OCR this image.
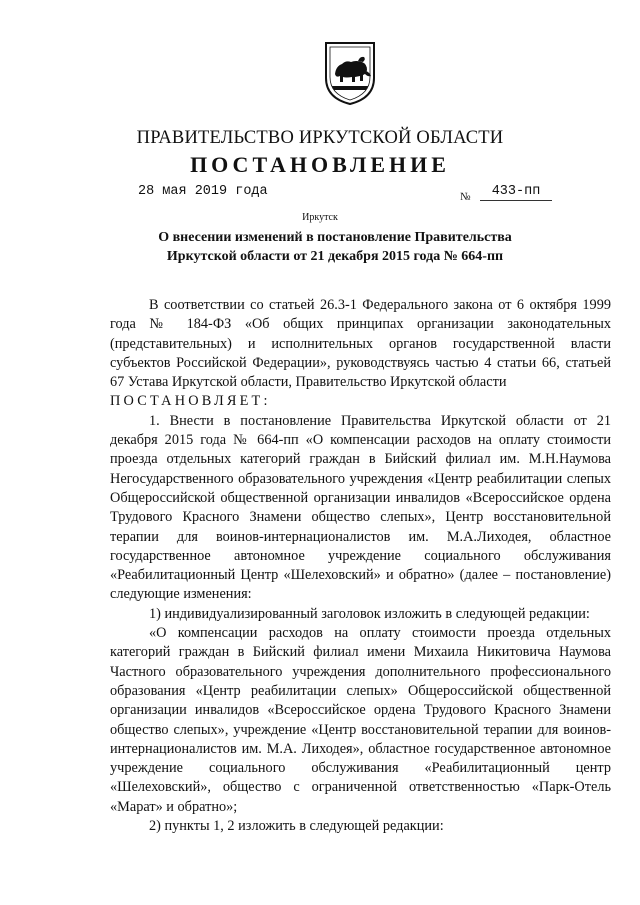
ПРАВИТЕЛЬСТВО ИРКУТСКОЙ ОБЛАСТИ
ПОСТАНОВЛЕНИЕ
28 мая 2019 года	№	433-пп
Иркутск
О внесении изменений в постановление Правительства Иркутской области от 21 декабря 2015 года № 664-пп

В соответствии со статьей 26.3-1 Федерального закона от 6 октября 1999 года № 184-ФЗ «Об общих принципах организации законодательных (представительных) и исполнительных органов государственной власти субъектов Российской Федерации», руководствуясь частью 4 статьи 66, статьей 67 Устава Иркутской области, Правительство Иркутской области

ПОСТАНОВЛЯЕТ:

1. Внести в постановление Правительства Иркутской области от 21 декабря 2015 года № 664-пп «О компенсации расходов на оплату стоимости проезда отдельных категорий граждан в Бийский филиал им. М.Н.Наумова Негосударственного образовательного учреждения «Центр реабилитации слепых Общероссийской общественной организации инвалидов «Всероссийское ордена Трудового Красного Знамени общество слепых», Центр восстановительной терапии для воинов-интернационалистов им. М.А.Лиходея, областное государственное автономное учреждение социального обслуживания «Реабилитационный Центр «Шелеховский» и обратно» (далее – постановление) следующие изменения:

1) индивидуализированный заголовок изложить в следующей редакции:

«О компенсации расходов на оплату стоимости проезда отдельных категорий граждан в Бийский филиал имени Михаила Никитовича Наумова Частного образовательного учреждения дополнительного профессионального образования «Центр реабилитации слепых» Общероссийской общественной организации инвалидов «Всероссийское ордена Трудового Красного Знамени общество слепых», учреждение «Центр восстановительной терапии для воинов-интернационалистов им. М.А. Лиходея», областное государственное автономное учреждение социального обслуживания «Реабилитационный центр «Шелеховский», общество с ограниченной ответственностью «Парк-Отель «Марат» и обратно»;

2) пункты 1, 2 изложить в следующей редакции:
